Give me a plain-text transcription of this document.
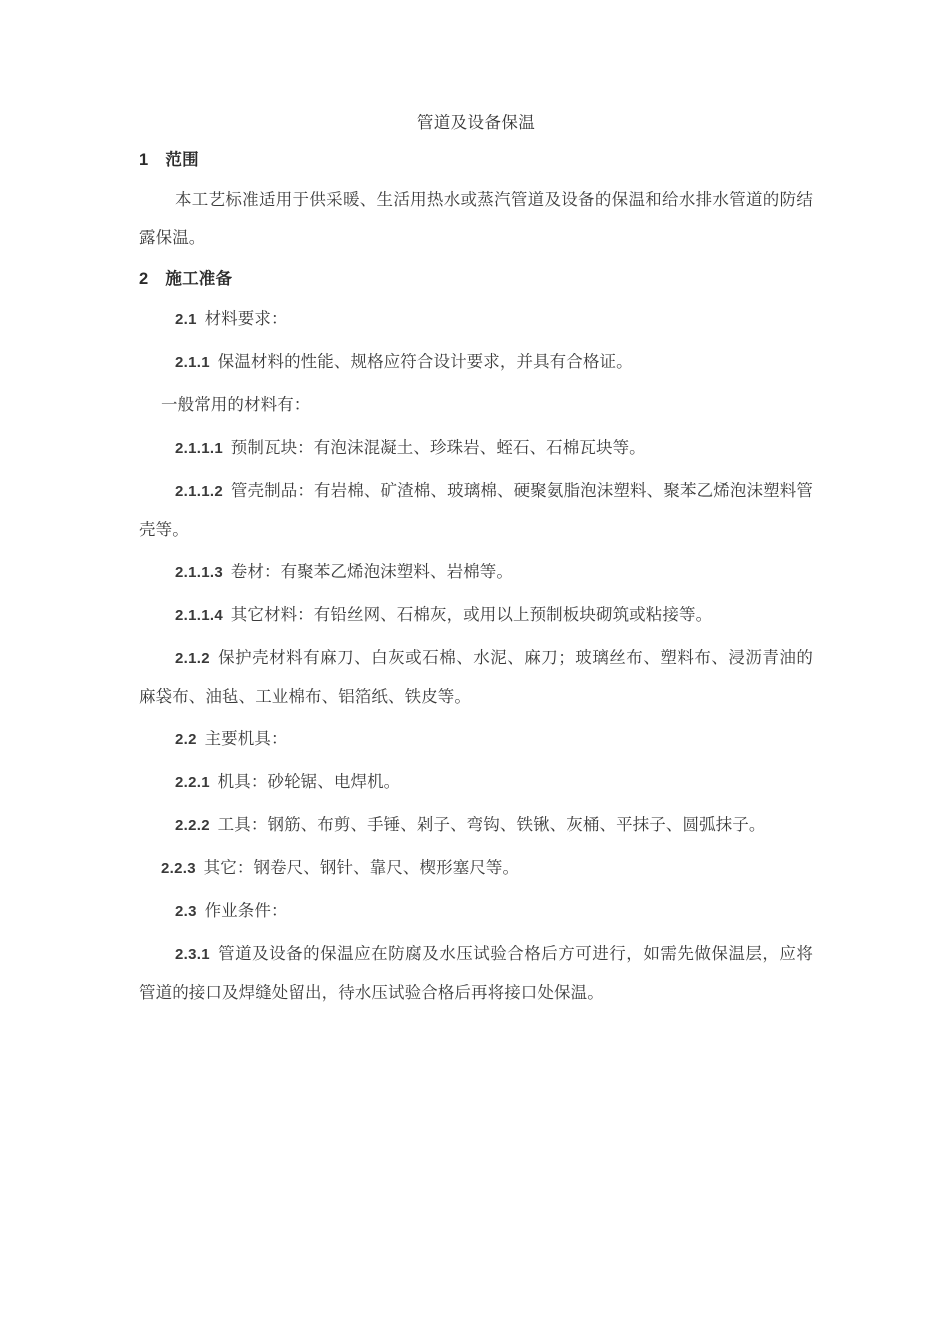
管道及设备保温
1 范围

本工艺标准适用于供采暖、生活用热水或蒸汽管道及设备的保温和给水排水管道的防结露保温。

2 施工准备

2.1 材料要求：

2.1.1 保温材料的性能、规格应符合设计要求，并具有合格证。

一般常用的材料有：

2.1.1.1 预制瓦块：有泡沫混凝土、珍珠岩、蛭石、石棉瓦块等。

2.1.1.2 管壳制品：有岩棉、矿渣棉、玻璃棉、硬聚氨脂泡沫塑料、聚苯乙烯泡沫塑料管壳等。

2.1.1.3 卷材：有聚苯乙烯泡沫塑料、岩棉等。

2.1.1.4 其它材料：有铅丝网、石棉灰，或用以上预制板块砌筑或粘接等。

2.1.2 保护壳材料有麻刀、白灰或石棉、水泥、麻刀；玻璃丝布、塑料布、浸沥青油的麻袋布、油毡、工业棉布、铝箔纸、铁皮等。

2.2 主要机具：

2.2.1 机具：砂轮锯、电焊机。

2.2.2 工具：钢筋、布剪、手锤、剁子、弯钩、铁锹、灰桶、平抹子、圆弧抹子。

2.2.3 其它：钢卷尺、钢针、靠尺、楔形塞尺等。

2.3 作业条件：

2.3.1 管道及设备的保温应在防腐及水压试验合格后方可进行，如需先做保温层，应将管道的接口及焊缝处留出，待水压试验合格后再将接口处保温。
